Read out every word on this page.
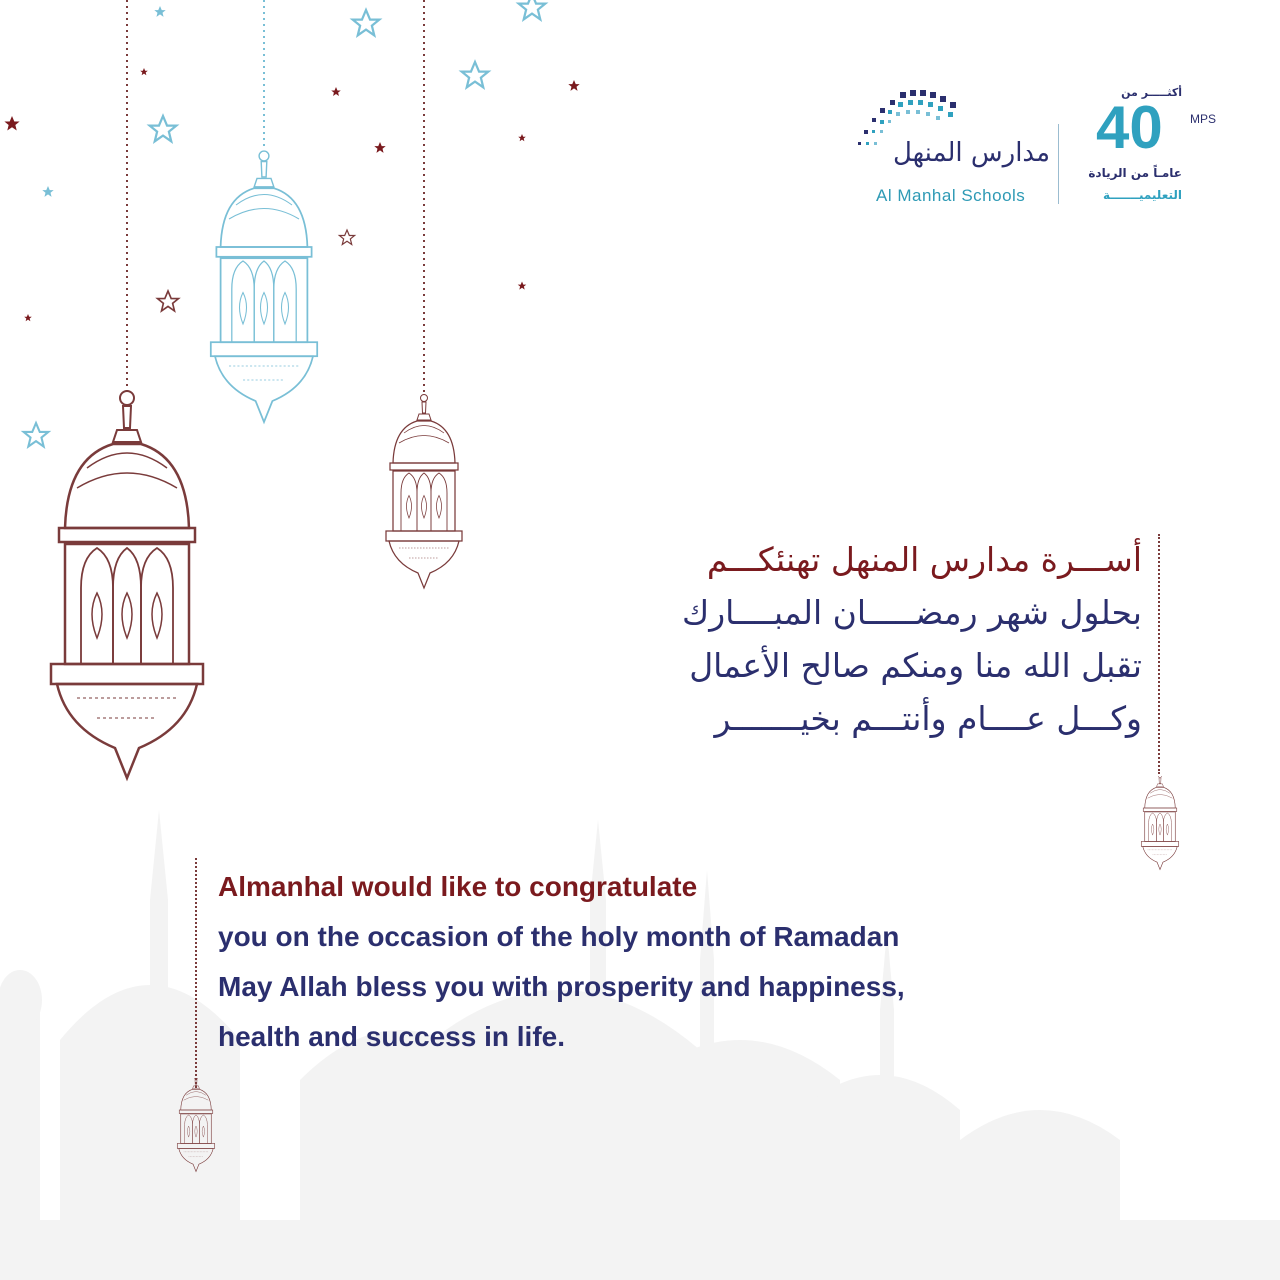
مدارس المنهل
Al Manhal Schools
أكثـــــر من
40 MPS
عامـاً من الريادة
التعليميـــــــة
أســـرة مدارس المنهل تهنئكـــم
بحلول شهر رمضـــــان المبــــارك
تقبل الله منا ومنكم صالح الأعمال
وكـــل عــــام وأنتـــم بخيـــــــر
Almanhal would like to congratulate
you on the occasion of the holy month of Ramadan
May Allah bless you with prosperity and happiness,
health and success in life.
